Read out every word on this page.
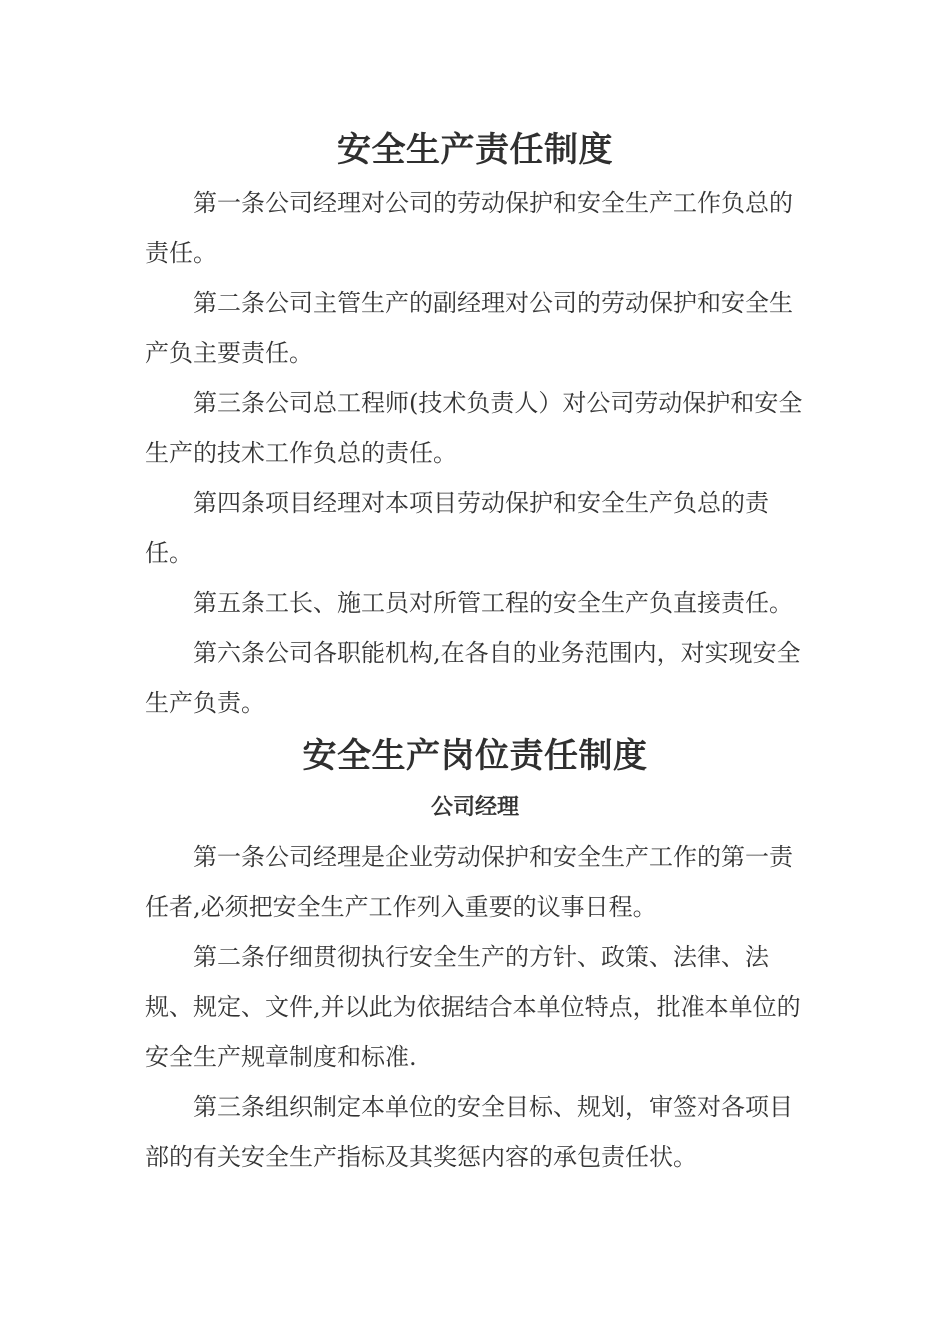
安全生产责任制度

第一条公司经理对公司的劳动保护和安全生产工作负总的责任。

第二条公司主管生产的副经理对公司的劳动保护和安全生产负主要责任。

第三条公司总工程师(技术负责人）对公司劳动保护和安全生产的技术工作负总的责任。

第四条项目经理对本项目劳动保护和安全生产负总的责任。

第五条工长、施工员对所管工程的安全生产负直接责任。

第六条公司各职能机构,在各自的业务范围内，对实现安全生产负责。

安全生产岗位责任制度
公司经理

第一条公司经理是企业劳动保护和安全生产工作的第一责任者,必须把安全生产工作列入重要的议事日程。

第二条仔细贯彻执行安全生产的方针、政策、法律、法规、规定、文件,并以此为依据结合本单位特点，批准本单位的安全生产规章制度和标准.

第三条组织制定本单位的安全目标、规划，审签对各项目部的有关安全生产指标及其奖惩内容的承包责任状。
